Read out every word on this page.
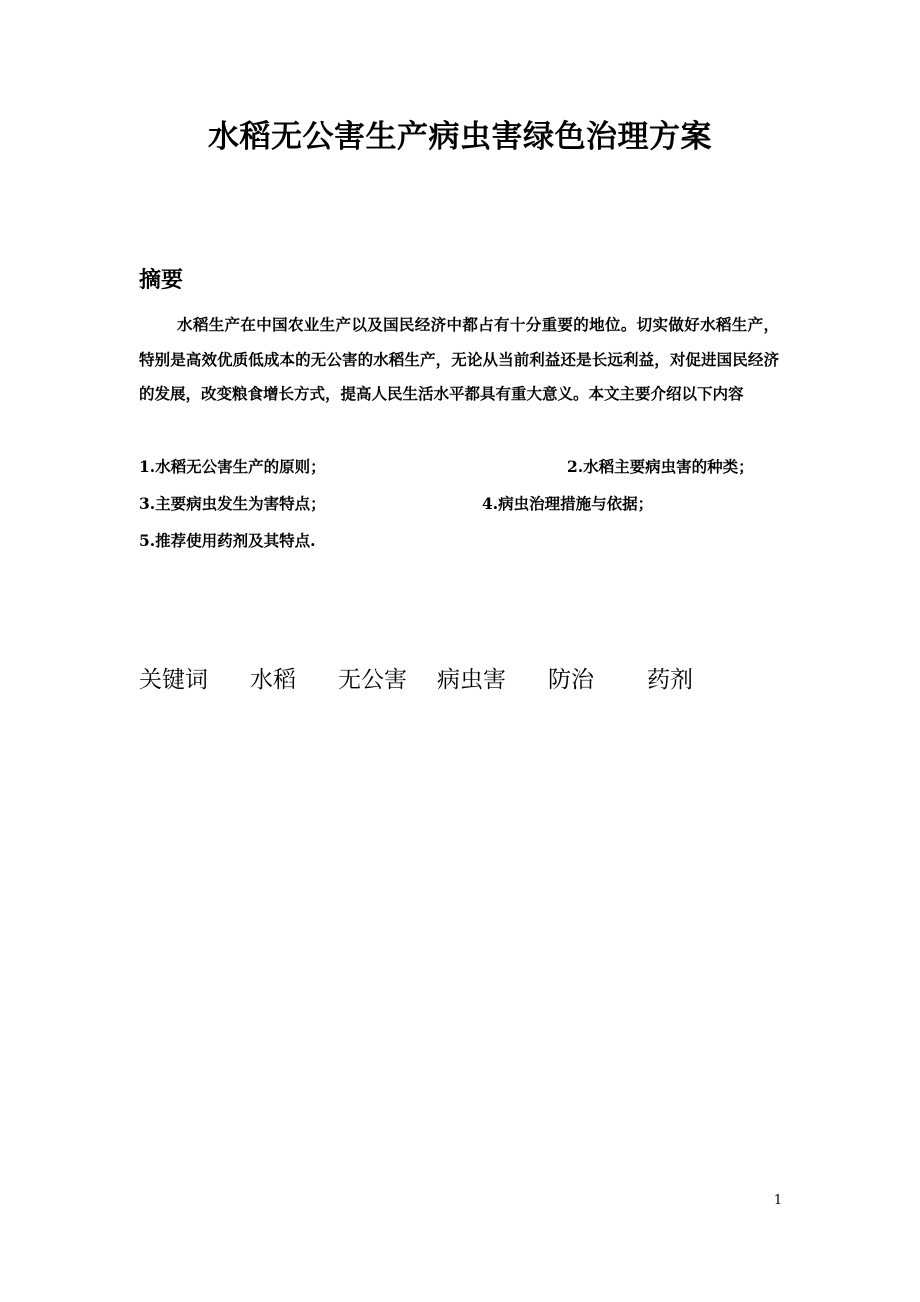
水稻无公害生产病虫害绿色治理方案
摘要
水稻生产在中国农业生产以及国民经济中都占有十分重要的地位。切实做好水稻生产，特别是高效优质低成本的无公害的水稻生产，无论从当前利益还是长远利益，对促进国民经济的发展，改变粮食增长方式，提高人民生活水平都具有重大意义。本文主要介绍以下内容
1.水稻无公害生产的原则；	2.水稻主要病虫害的种类；
3.主要病虫发生为害特点；	4.病虫治理措施与依据；
5.推荐使用药剂及其特点.
关键词 水稻 无公害 病虫害 防治 药剂
1
